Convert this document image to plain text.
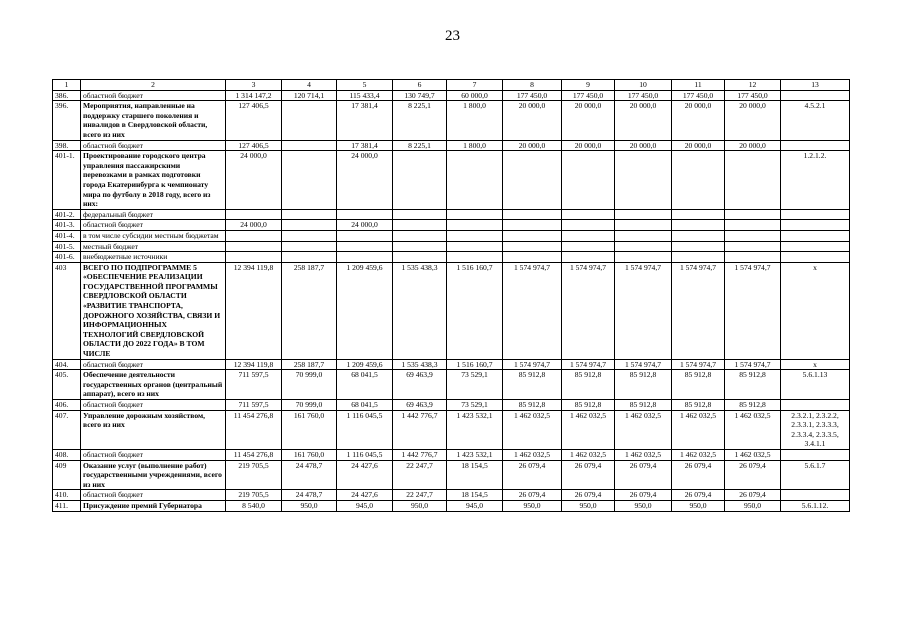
23
1	2	3	4	5	6	7	8	9	10	11	12	13
386.	областной бюджет	1 314 147,2	120 714,1	115 433,4	130 749,7	60 000,0	177 450,0	177 450,0	177 450,0	177 450,0	177 450,0	
396.	Мероприятия, направленные на поддержку старшего поколения и инвалидов в Свердловской области, всего из них	127 406,5		17 381,4	8 225,1	1 800,0	20 000,0	20 000,0	20 000,0	20 000,0	20 000,0	4.5.2.1
398.	областной бюджет	127 406,5		17 381,4	8 225,1	1 800,0	20 000,0	20 000,0	20 000,0	20 000,0	20 000,0	
401-1.	Проектирование городского центра управления пассажирскими перевозками в рамках подготовки города Екатеринбурга к чемпионату мира по футболу в 2018 году, всего из них:	24 000,0		24 000,0								1.2.1.2.
401-2.	федеральный бюджет											
401-3.	областной бюджет	24 000,0		24 000,0								
401-4.	в том числе субсидии местным бюджетам											
401-5.	местный бюджет											
401-6.	внебюджетные источники											
403	ВСЕГО ПО ПОДПРОГРАММЕ 5 «ОБЕСПЕЧЕНИЕ РЕАЛИЗАЦИИ ГОСУДАРСТВЕННОЙ ПРОГРАММЫ СВЕРДЛОВСКОЙ ОБЛАСТИ «РАЗВИТИЕ ТРАНСПОРТА, ДОРОЖНОГО ХОЗЯЙСТВА, СВЯЗИ И ИНФОРМАЦИОННЫХ ТЕХНОЛОГИЙ СВЕРДЛОВСКОЙ ОБЛАСТИ ДО 2022 ГОДА» В ТОМ ЧИСЛЕ	12 394 119,8	258 187,7	1 209 459,6	1 535 438,3	1 516 160,7	1 574 974,7	1 574 974,7	1 574 974,7	1 574 974,7	1 574 974,7	x
404.	областной бюджет	12 394 119,8	258 187,7	1 209 459,6	1 535 438,3	1 516 160,7	1 574 974,7	1 574 974,7	1 574 974,7	1 574 974,7	1 574 974,7	x
405.	Обеспечение деятельности государственных органов (центральный аппарат), всего из них	711 597,5	70 999,0	68 041,5	69 463,9	73 529,1	85 912,8	85 912,8	85 912,8	85 912,8	85 912,8	5.6.1.13
406.	областной бюджет	711 597,5	70 999,0	68 041,5	69 463,9	73 529,1	85 912,8	85 912,8	85 912,8	85 912,8	85 912,8	
407.	Управление дорожным хозяйством, всего из них	11 454 276,8	161 760,0	1 116 045,5	1 442 776,7	1 423 532,1	1 462 032,5	1 462 032,5	1 462 032,5	1 462 032,5	1 462 032,5	2.3.2.1, 2.3.2.2, 2.3.3.1, 2.3.3.3, 2.3.3.4, 2.3.3.5, 3.4.1.1
408.	областной бюджет	11 454 276,8	161 760,0	1 116 045,5	1 442 776,7	1 423 532,1	1 462 032,5	1 462 032,5	1 462 032,5	1 462 032,5	1 462 032,5	
409	Оказание услуг (выполнение работ) государственными учреждениями, всего из них	219 705,5	24 478,7	24 427,6	22 247,7	18 154,5	26 079,4	26 079,4	26 079,4	26 079,4	26 079,4	5.6.1.7
410.	областной бюджет	219 705,5	24 478,7	24 427,6	22 247,7	18 154,5	26 079,4	26 079,4	26 079,4	26 079,4	26 079,4	
411.	Присуждение премий Губернатора	8 540,0	950,0	945,0	950,0	945,0	950,0	950,0	950,0	950,0	950,0	5.6.1.12.
